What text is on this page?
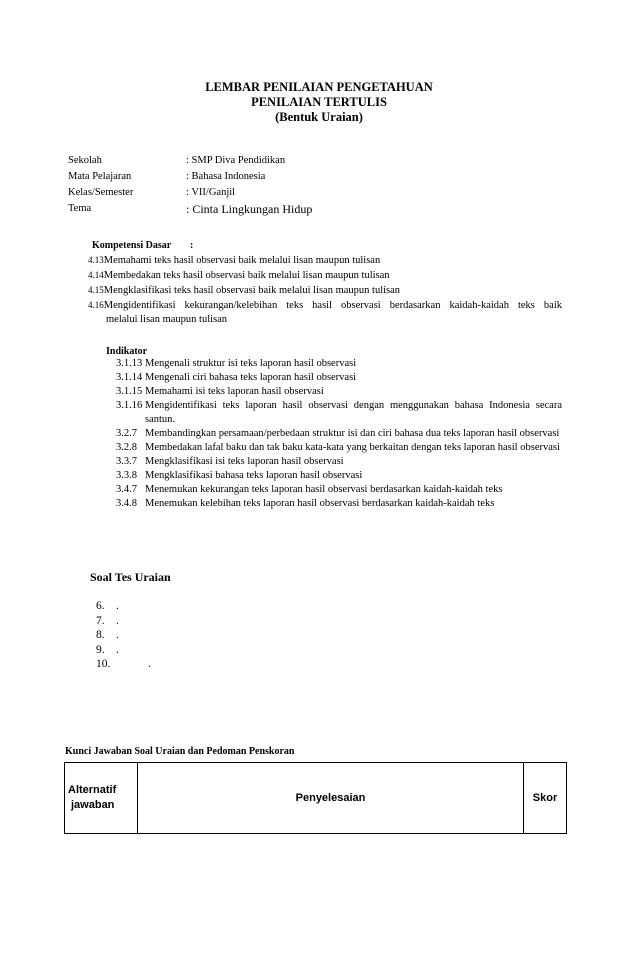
LEMBAR PENILAIAN PENGETAHUAN
PENILAIAN TERTULIS
(Bentuk Uraian)
Sekolah	: SMP Diva Pendidikan
Mata Pelajaran	: Bahasa Indonesia
Kelas/Semester	: VII/Ganjil
Tema	: Cinta Lingkungan Hidup
Kompetensi Dasar :
4.13Memahami teks hasil observasi baik melalui lisan maupun tulisan
4.14Membedakan teks hasil observasi baik melalui lisan maupun tulisan
4.15Mengklasifikasi teks hasil observasi baik melalui lisan maupun tulisan
4.16Mengidentifikasi kekurangan/kelebihan teks hasil observasi berdasarkan kaidah-kaidah teks baik
melalui lisan maupun tulisan
Indikator
3.1.13 Mengenali struktur isi teks laporan hasil observasi
3.1.14 Mengenali ciri bahasa teks laporan hasil observasi
3.1.15 Memahami isi teks laporan hasil observasi
3.1.16 Mengidentifikasi teks laporan hasil observasi dengan menggunakan bahasa Indonesia secara santun.
3.2.7 Membandingkan persamaan/perbedaan struktur isi dan ciri bahasa dua teks laporan hasil observasi
3.2.8 Membedakan lafal baku dan tak baku kata-kata yang berkaitan dengan teks laporan hasil observasi
3.3.7 Mengklasifikasi isi teks laporan hasil observasi
3.3.8 Mengklasifikasi bahasa teks laporan hasil observasi
3.4.7 Menemukan kekurangan teks laporan hasil observasi berdasarkan kaidah-kaidah teks
3.4.8 Menemukan kelebihan teks laporan hasil observasi berdasarkan kaidah-kaidah teks
Soal Tes Uraian
6. .
7. .
8. .
9. .
10.	.
Kunci Jawaban Soal Uraian dan Pedoman Penskoran
Alternatif
jawaban	Penyelesaian	Skor
